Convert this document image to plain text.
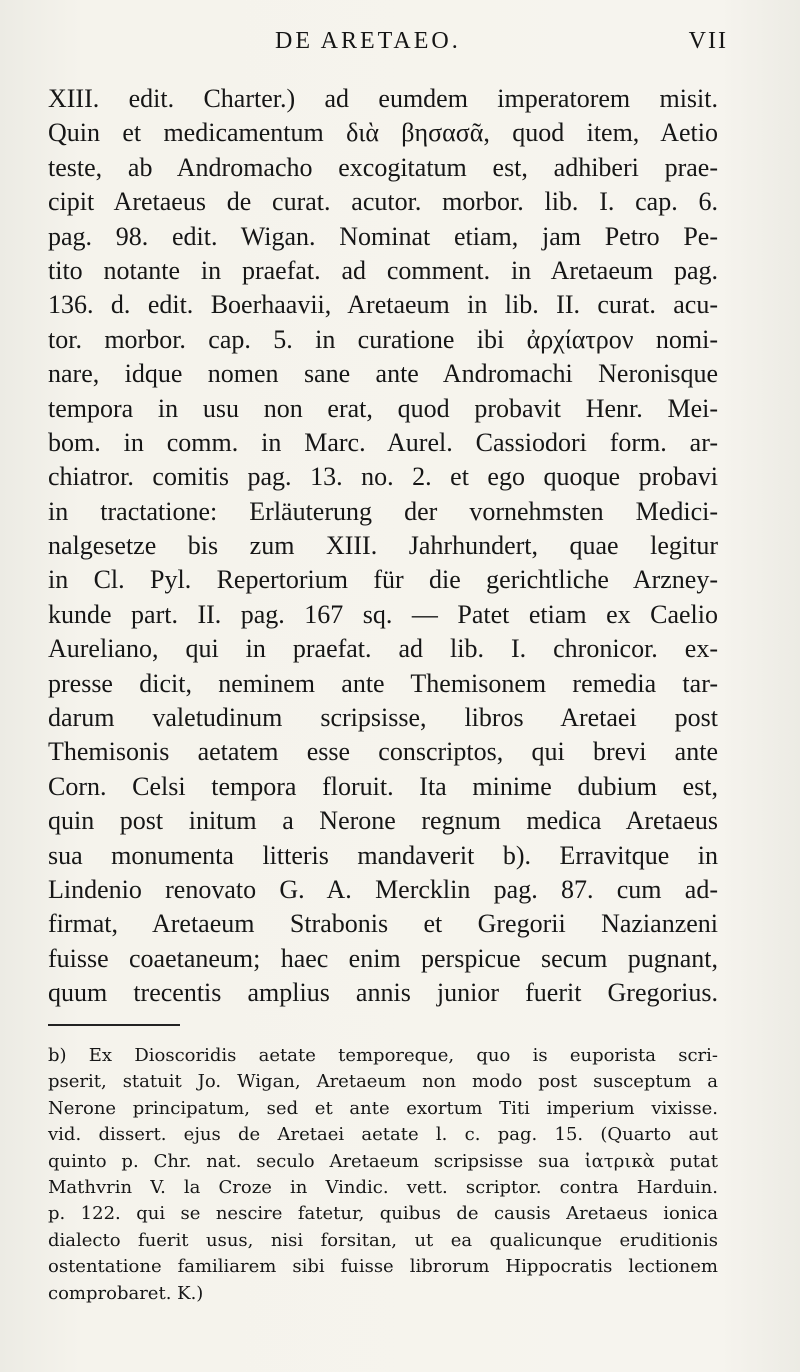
DE ARETAEO.	VII
XIII. edit. Charter.) ad eumdem imperatorem misit.
Quin et medicamentum διὰ βησασᾶ, quod item, Aetio
teste, ab Andromacho excogitatum est, adhiberi prae-
cipit Aretaeus de curat. acutor. morbor. lib. I. cap. 6.
pag. 98. edit. Wigan. Nominat etiam, jam Petro Pe-
tito notante in praefat. ad comment. in Aretaeum pag.
136. d. edit. Boerhaavii, Aretaeum in lib. II. curat. acu-
tor. morbor. cap. 5. in curatione ibi ἀρχίατρον nomi-
nare, idque nomen sane ante Andromachi Neronisque
tempora in usu non erat, quod probavit Henr. Mei-
bom. in comm. in Marc. Aurel. Cassiodori form. ar-
chiatror. comitis pag. 13. no. 2. et ego quoque probavi
in tractatione: Erläuterung der vornehmsten Medici-
nalgesetze bis zum XIII. Jahrhundert, quae legitur
in Cl. Pyl. Repertorium für die gerichtliche Arzney-
kunde part. II. pag. 167 sq. — Patet etiam ex Caelio
Aureliano, qui in praefat. ad lib. I. chronicor. ex-
presse dicit, neminem ante Themisonem remedia tar-
darum valetudinum scripsisse, libros Aretaei post
Themisonis aetatem esse conscriptos, qui brevi ante
Corn. Celsi tempora floruit. Ita minime dubium est,
quin post initum a Nerone regnum medica Aretaeus
sua monumenta litteris mandaverit b). Erravitque in
Lindenio renovato G. A. Mercklin pag. 87. cum ad-
firmat, Aretaeum Strabonis et Gregorii Nazianzeni
fuisse coaetaneum; haec enim perspicue secum pugnant,
quum trecentis amplius annis junior fuerit Gregorius.
b) Ex Dioscoridis aetate temporeque, quo is euporista scri-
pserit, statuit Jo. Wigan, Aretaeum non modo post susceptum a
Nerone principatum, sed et ante exortum Titi imperium vixisse.
vid. dissert. ejus de Aretaei aetate l. c. pag. 15. (Quarto aut
quinto p. Chr. nat. seculo Aretaeum scripsisse sua ἰατρικὰ putat
Mathvrin V. la Croze in Vindic. vett. scriptor. contra Harduin.
p. 122. qui se nescire fatetur, quibus de causis Aretaeus ionica
dialecto fuerit usus, nisi forsitan, ut ea qualicunque eruditionis
ostentatione familiarem sibi fuisse librorum Hippocratis lectionem
comprobaret. K.)
